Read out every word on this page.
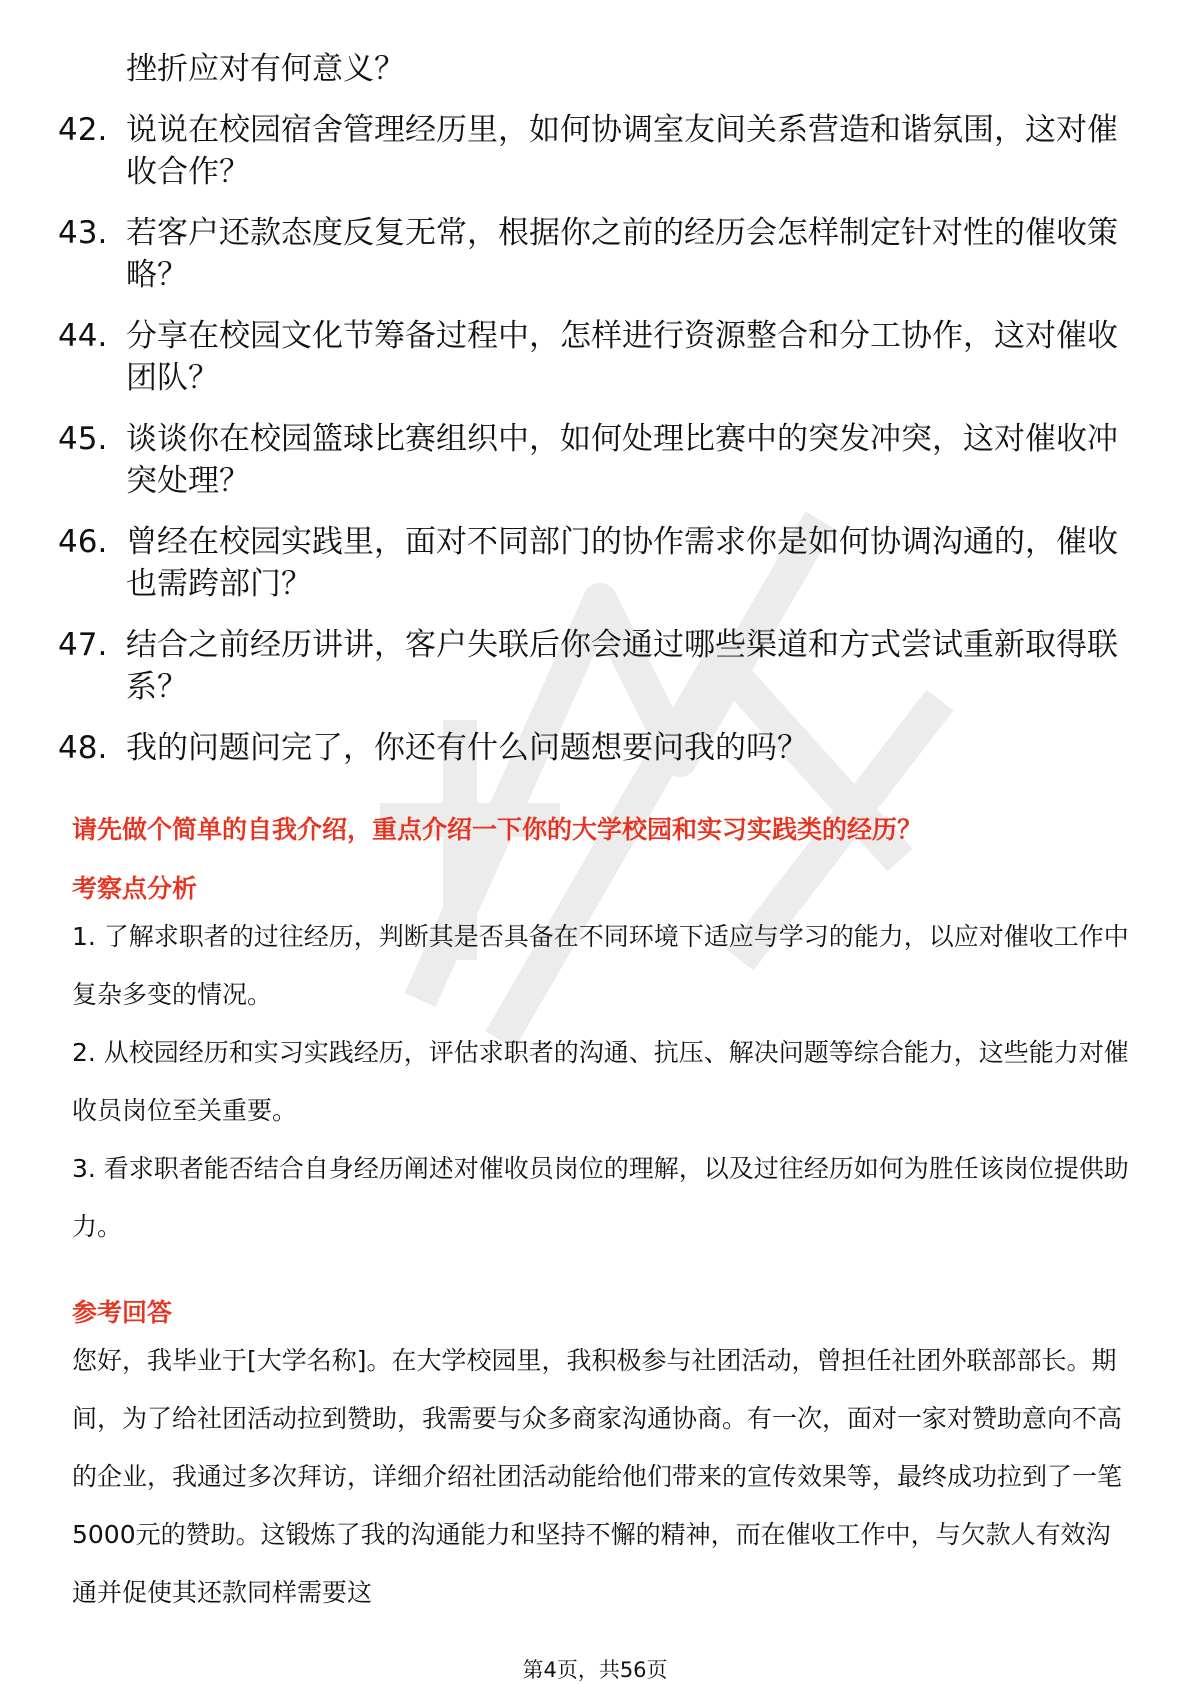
挫折应对有何意义？
42. 说说在校园宿舍管理经历里，如何协调室友间关系营造和谐氛围，这对催收合作？
43. 若客户还款态度反复无常，根据你之前的经历会怎样制定针对性的催收策略？
44. 分享在校园文化节筹备过程中，怎样进行资源整合和分工协作，这对催收团队？
45. 谈谈你在校园篮球比赛组织中，如何处理比赛中的突发冲突，这对催收冲突处理？
46. 曾经在校园实践里，面对不同部门的协作需求你是如何协调沟通的，催收也需跨部门？
47. 结合之前经历讲讲，客户失联后你会通过哪些渠道和方式尝试重新取得联系？
48. 我的问题问完了，你还有什么问题想要问我的吗？
请先做个简单的自我介绍，重点介绍一下你的大学校园和实习实践类的经历？
考察点分析

1. 了解求职者的过往经历，判断其是否具备在不同环境下适应与学习的能力，以应对催收工作中复杂多变的情况。

2. 从校园经历和实习实践经历，评估求职者的沟通、抗压、解决问题等综合能力，这些能力对催收员岗位至关重要。

3. 看求职者能否结合自身经历阐述对催收员岗位的理解，以及过往经历如何为胜任该岗位提供助力。

参考回答

您好，我毕业于[大学名称]。在大学校园里，我积极参与社团活动，曾担任社团外联部部长。期间，为了给社团活动拉到赞助，我需要与众多商家沟通协商。有一次，面对一家对赞助意向不高的企业，我通过多次拜访，详细介绍社团活动能给他们带来的宣传效果等，最终成功拉到了一笔5000元的赞助。这锻炼了我的沟通能力和坚持不懈的精神，而在催收工作中，与欠款人有效沟通并促使其还款同样需要这

第4页，共56页
